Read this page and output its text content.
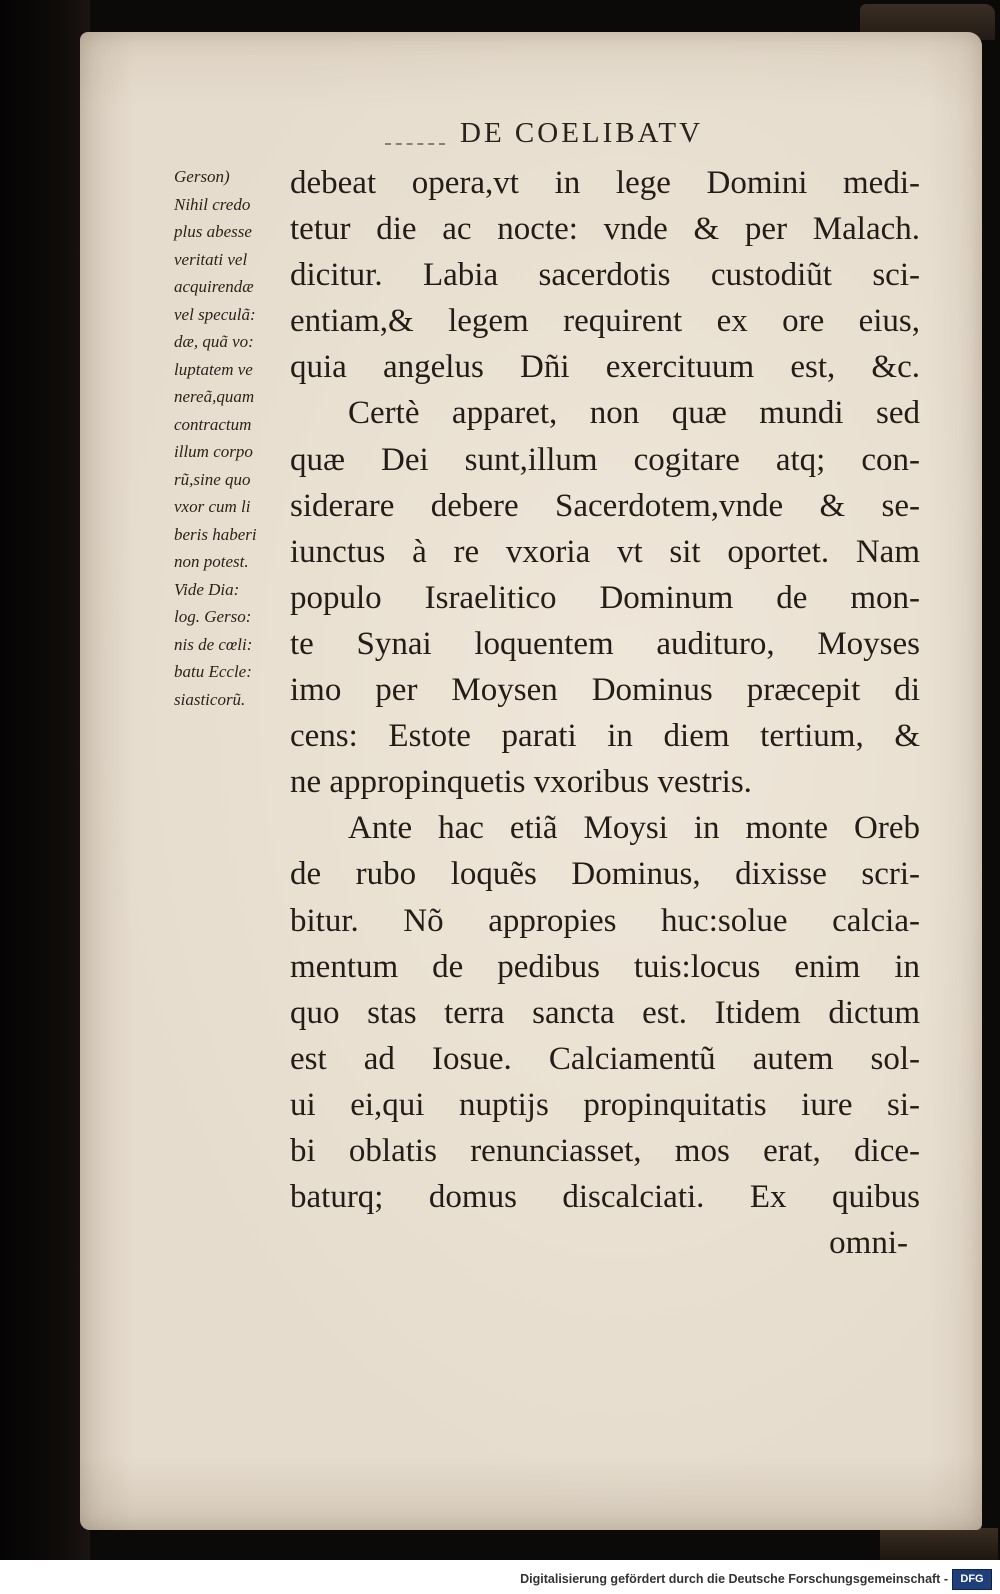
DE COELIBATV
debeat opera,vt in lege Domini medi-
tetur die ac nocte: vnde & per Malach.
dicitur. Labia sacerdotis custodiũt sci-
entiam,& legem requirent ex ore eius,
quia angelus Dñi exercituum est, &c.
Certè apparet, non quæ mundi sed
quæ Dei sunt,illum cogitare atq; con-
siderare debere Sacerdotem,vnde & se-
iunctus à re vxoria vt sit oportet. Nam
populo Israelitico Dominum de mon-
te Synai loquentem audituro, Moyses
imo per Moysen Dominus præcepit di
cens: Estote parati in diem tertium, &
ne appropinquetis vxoribus vestris.
Ante hac etiã Moysi in monte Oreb
de rubo loquẽs Dominus, dixisse scri-
bitur. Nõ appropies huc:solue calcia-
mentum de pedibus tuis:locus enim in
quo stas terra sancta est. Itidem dictum
est ad Iosue. Calciamentũ autem sol-
ui ei,qui nuptijs propinquitatis iure si-
bi oblatis renunciasset, mos erat, dice-
baturq; domus discalciati. Ex quibus
omni-
Gerson)
Nihil credo
plus abesse
veritati vel
acquirendæ
vel speculã:
dæ, quã vo:
luptatem ve
nereã,quam
contractum
illum corpo
rũ,sine quo
vxor cum li
beris haberi
non potest.
Vide Dia:
log. Gerso:
nis de cœli:
batu Eccle:
siasticorũ.
Digitalisierung gefördert durch die Deutsche Forschungsgemeinschaft -	DFG
